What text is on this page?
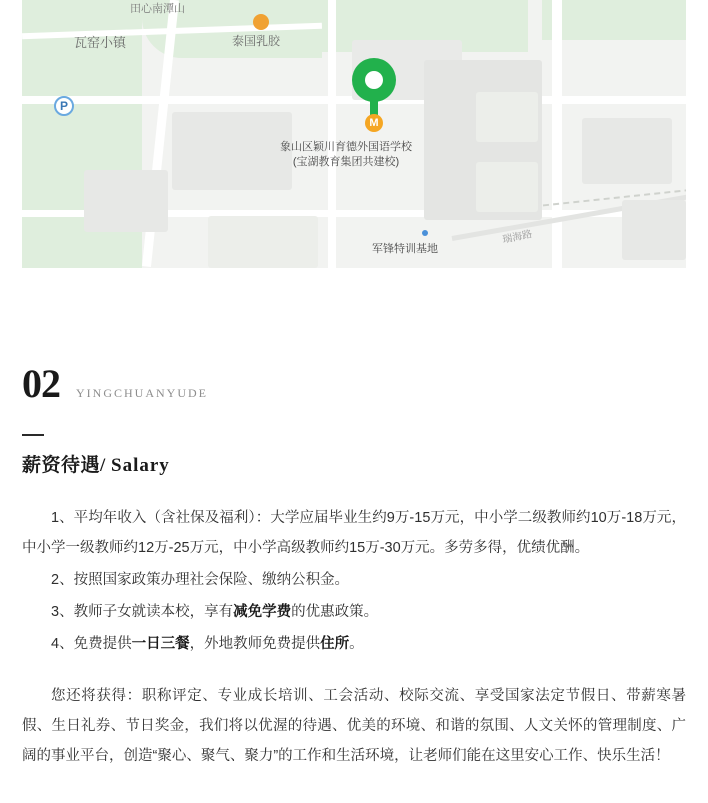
田心南潭山
瓦窑小镇	泰国乳胶
P
M
象山区颖川育德外国语学校
(宝湖教育集团共建校)
军锋特训基地
瑞海路
02 YINGCHUANYUDE
薪资待遇/ Salary

1、平均年收入（含社保及福利）：大学应届毕业生约9万-15万元，中小学二级教师约10万-18万元，中小学一级教师约12万-25万元，中小学高级教师约15万-30万元。多劳多得，优绩优酬。

2、按照国家政策办理社会保险、缴纳公积金。

3、教师子女就读本校，享有减免学费的优惠政策。

4、免费提供一日三餐，外地教师免费提供住所。

您还将获得：职称评定、专业成长培训、工会活动、校际交流、享受国家法定节假日、带薪寒暑假、生日礼券、节日奖金，我们将以优渥的待遇、优美的环境、和谐的氛围、人文关怀的管理制度、广阔的事业平台，创造“聚心、聚气、聚力”的工作和生活环境，让老师们能在这里安心工作、快乐生活！
